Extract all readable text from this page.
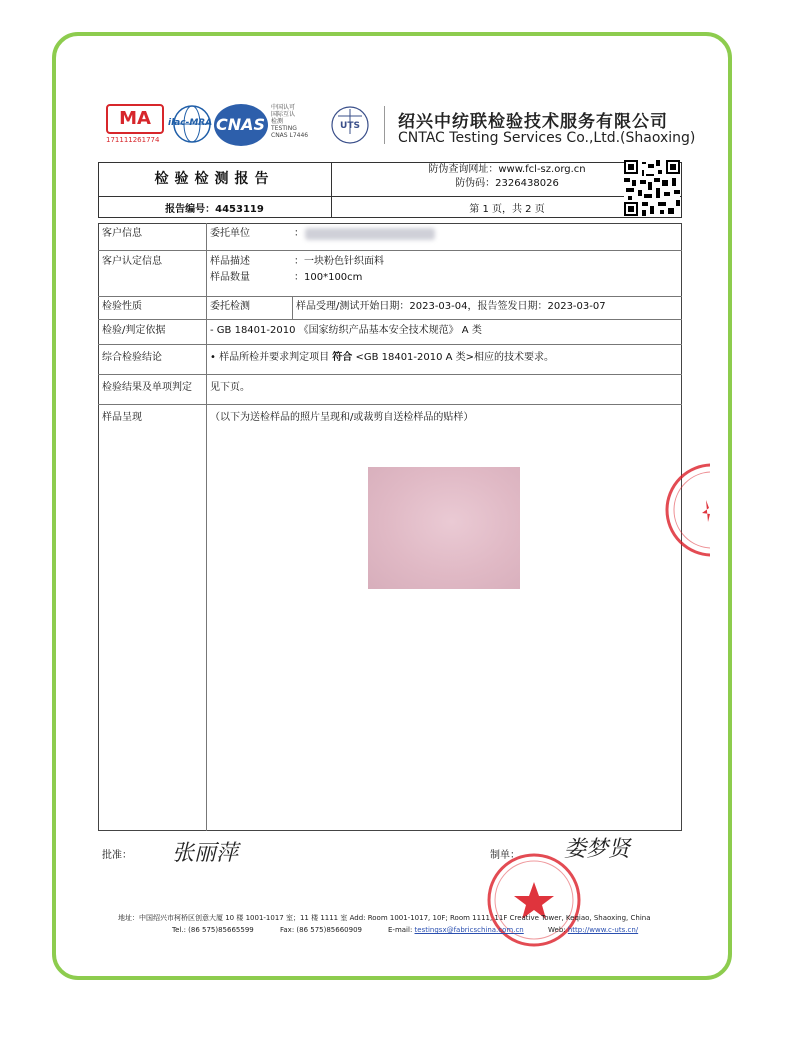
MA
171111261774
ilac-MRA CNAS
中国认可
国际互认
检测
TESTING
CNAS L7446
UTS 绍兴中纺联检验技术服务有限公司
CNTAC Testing Services Co.,Ltd.(Shaoxing)
检验检测报告
报告编号：4453119
防伪查询网址：www.fcl-sz.org.cn
防伪码：2326438026
第 1 页，共 2 页
客户信息	委托单位	：
客户认定信息	样品描述	：一块粉色针织面料
样品数量	：100*100cm
检验性质	委托检测	样品受理/测试开始日期：2023-03-04，报告签发日期：2023-03-07
检验/判定依据	- GB 18401-2010 《国家纺织产品基本安全技术规范》 A 类
综合检验结论	• 样品所检并要求判定项目 符合 <GB 18401-2010 A 类>相应的技术要求。
检验结果及单项判定 见下页。
样品呈现	（以下为送检样品的照片呈现和/或裁剪自送检样品的贴样）
批准： 张丽萍	制单： 娄梦贤
地址：中国绍兴市柯桥区创意大厦 10 楼 1001-1017 室；11 楼 1111 室 Add: Room 1001-1017, 10F; Room 1111, 11F Creative Tower, Keqiao, Shaoxing, China
Tel.: (86 575)85665599	Fax: (86 575)85660909	E-mail: testingsx@fabricschina.com.cn	Web: http://www.c-uts.cn/
